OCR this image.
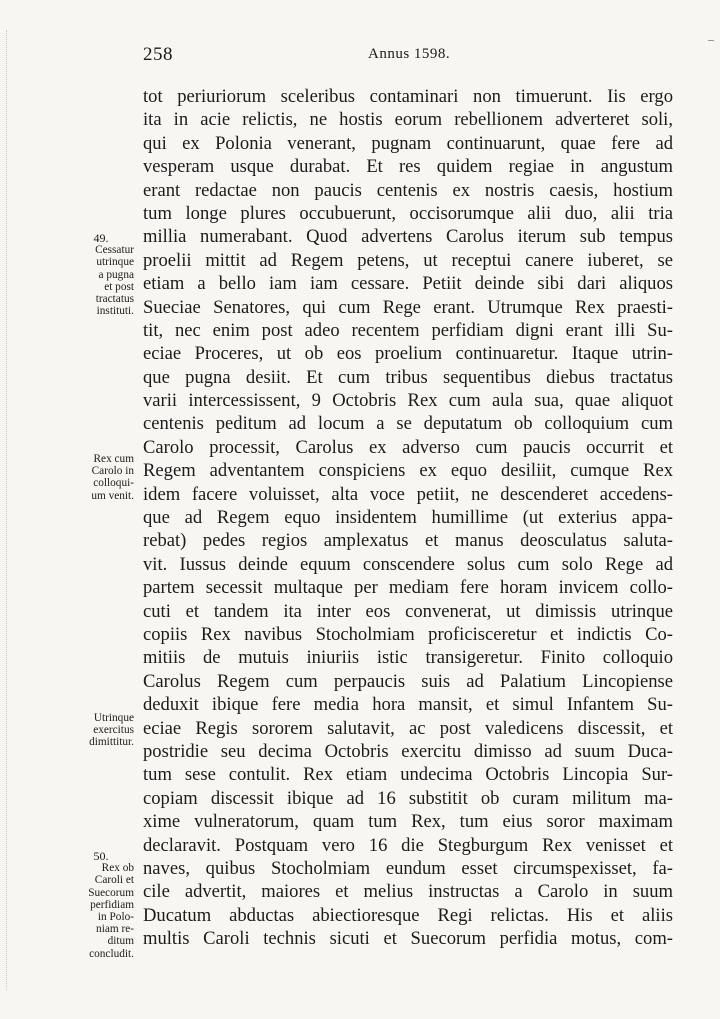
258	Annus 1598.
tot periuriorum sceleribus contaminari non timuerunt. Iis ergo
ita in acie relictis, ne hostis eorum rebellionem adverteret soli,
qui ex Polonia venerant, pugnam continuarunt, quae fere ad
vesperam usque durabat. Et res quidem regiae in angustum
erant redactae non paucis centenis ex nostris caesis, hostium
tum longe plures occubuerunt, occisorumque alii duo, alii tria
millia numerabant. Quod advertens Carolus iterum sub tempus
proelii mittit ad Regem petens, ut receptui canere iuberet, se
etiam a bello iam iam cessare. Petiit deinde sibi dari aliquos
Sueciae Senatores, qui cum Rege erant. Utrumque Rex praesti-
tit, nec enim post adeo recentem perfidiam digni erant illi Su-
eciae Proceres, ut ob eos proelium continuaretur. Itaque utrin-
que pugna desiit. Et cum tribus sequentibus diebus tractatus
varii intercessissent, 9 Octobris Rex cum aula sua, quae aliquot
centenis peditum ad locum a se deputatum ob colloquium cum
Carolo processit, Carolus ex adverso cum paucis occurrit et
Regem adventantem conspiciens ex equo desiliit, cumque Rex
idem facere voluisset, alta voce petiit, ne descenderet accedens-
que ad Regem equo insidentem humillime (ut exterius appa-
rebat) pedes regios amplexatus et manus deosculatus saluta-
vit. Iussus deinde equum conscendere solus cum solo Rege ad
partem secessit multaque per mediam fere horam invicem collo-
cuti et tandem ita inter eos convenerat, ut dimissis utrinque
copiis Rex navibus Stocholmiam proficisceretur et indictis Co-
mitiis de mutuis iniuriis istic transigeretur. Finito colloquio
Carolus Regem cum perpaucis suis ad Palatium Lincopiense
deduxit ibique fere media hora mansit, et simul Infantem Su-
eciae Regis sororem salutavit, ac post valedicens discessit, et
postridie seu decima Octobris exercitu dimisso ad suum Duca-
tum sese contulit. Rex etiam undecima Octobris Lincopia Sur-
copiam discessit ibique ad 16 substitit ob curam militum ma-
xime vulneratorum, quam tum Rex, tum eius soror maximam
declaravit. Postquam vero 16 die Stegburgum Rex venisset et
naves, quibus Stocholmiam eundum esset circumspexisset, fa-
cile advertit, maiores et melius instructas a Carolo in suum
Ducatum abductas abiectioresque Regi relictas. His et aliis
multis Caroli technis sicuti et Suecorum perfidia motus, com-
49.
Cessatur
utrinque
a pugna
et post
tractatus
instituti.
Rex cum
Carolo in
colloqui-
um venit.
Utrinque
exercitus
dimittitur.
50.
Rex ob
Caroli et
Suecorum
perfidiam
in Polo-
niam re-
ditum
concludit.
